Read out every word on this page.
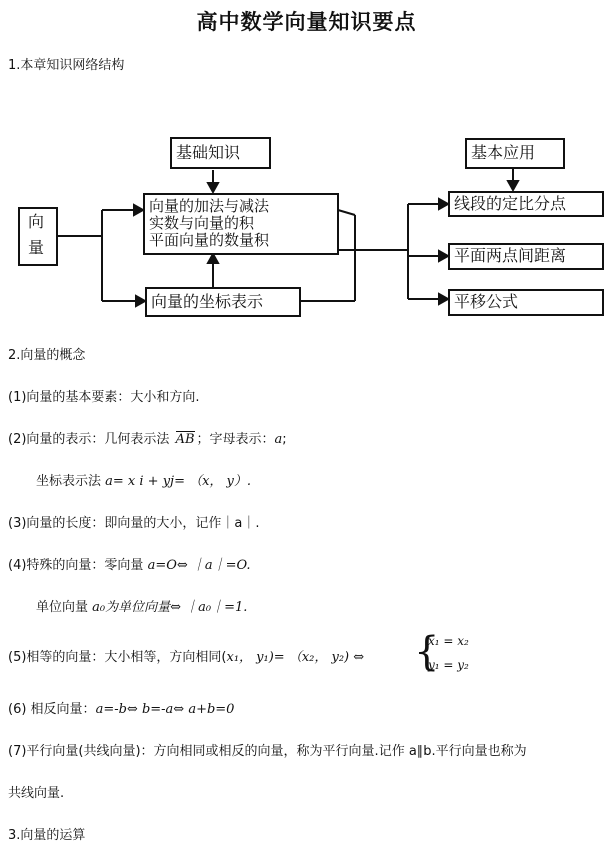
高中数学向量知识要点
1.本章知识网络结构
向
量
基础知识
向量的加法与减法
实数与向量的积
平面向量的数量积
向量的坐标表示
基本应用
线段的定比分点
平面两点间距离
平移公式
2.向量的概念
(1)向量的基本要素：大小和方向.
(2)向量的表示：几何表示法
AB ；字母表示：a;
坐标表示法 a= x i + yj= （x， y）.
(3)向量的长度：即向量的大小，记作｜a｜.
(4)特殊的向量：零向量 a=O⇔ ｜a｜=O.
单位向量 a₀为单位向量⇔ ｜a₀｜=1.
(5)相等的向量：大小相等，方向相同(x₁， y₁)= （x₂， y₂) ⇔ {
x₁ = x₂
y₁ = y₂
(6) 相反向量：a=-b⇔ b=-a⇔ a+b=0
(7)平行向量(共线向量)：方向相同或相反的向量，称为平行向量.记作 a∥b.平行向量也称为
共线向量.
3.向量的运算
